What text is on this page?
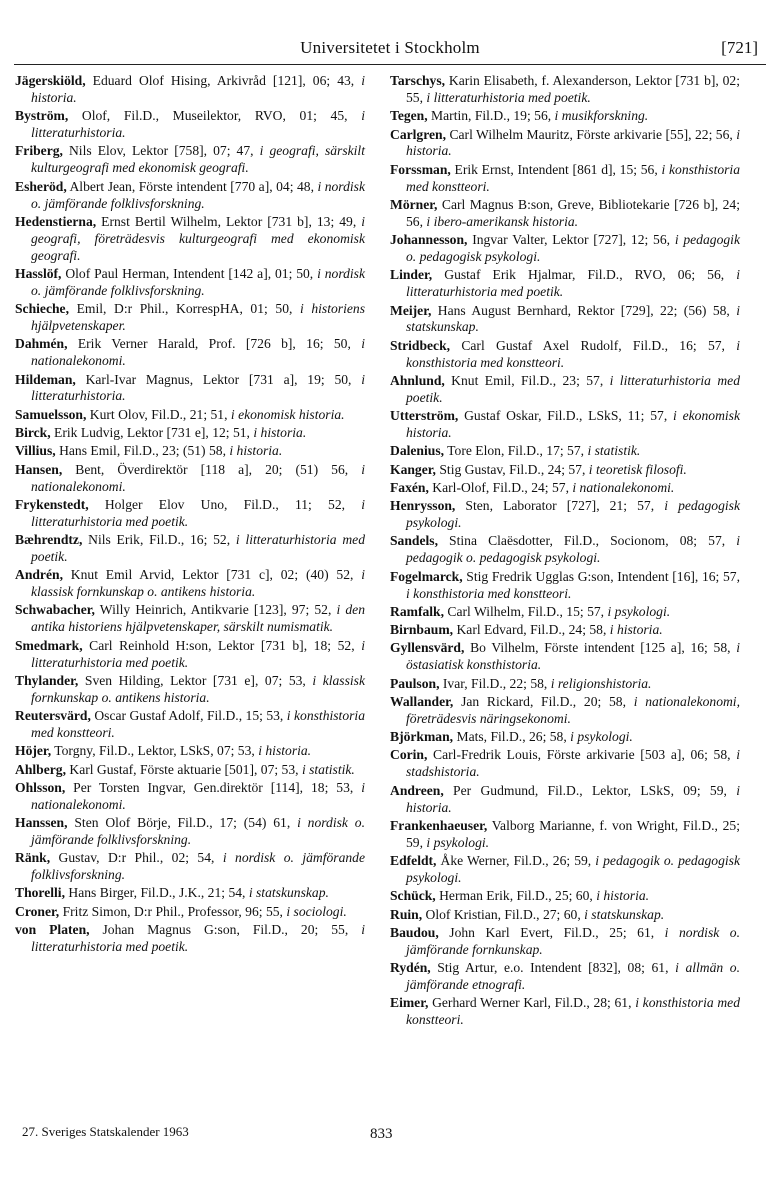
Universitetet i Stockholm	[721]

Jägerskiöld, Eduard Olof Hising, Arkivråd [121], 06; 43, i historia.

Byström, Olof, Fil.D., Museilektor, RVO, 01; 45, i litteraturhistoria.

Friberg, Nils Elov, Lektor [758], 07; 47, i geografi, särskilt kulturgeografi med ekonomisk geografi.

Esheröd, Albert Jean, Förste intendent [770 a], 04; 48, i nordisk o. jämförande folklivsforskning.

Hedenstierna, Ernst Bertil Wilhelm, Lektor [731 b], 13; 49, i geografi, företrädesvis kulturgeografi med ekonomisk geografi.

Hasslöf, Olof Paul Herman, Intendent [142 a], 01; 50, i nordisk o. jämförande folklivsforskning.

Schieche, Emil, D:r Phil., KorrespHA, 01; 50, i historiens hjälpvetenskaper.

Dahmén, Erik Verner Harald, Prof. [726 b], 16; 50, i nationalekonomi.

Hildeman, Karl-Ivar Magnus, Lektor [731 a], 19; 50, i litteraturhistoria.

Samuelsson, Kurt Olov, Fil.D., 21; 51, i ekonomisk historia.

Birck, Erik Ludvig, Lektor [731 e], 12; 51, i historia.

Villius, Hans Emil, Fil.D., 23; (51) 58, i historia.

Hansen, Bent, Överdirektör [118 a], 20; (51) 56, i nationalekonomi.

Frykenstedt, Holger Elov Uno, Fil.D., 11; 52, i litteraturhistoria med poetik.

Bæhrendtz, Nils Erik, Fil.D., 16; 52, i litteraturhistoria med poetik.

Andrén, Knut Emil Arvid, Lektor [731 c], 02; (40) 52, i klassisk fornkunskap o. antikens historia.

Schwabacher, Willy Heinrich, Antikvarie [123], 97; 52, i den antika historiens hjälpvetenskaper, särskilt numismatik.

Smedmark, Carl Reinhold H:son, Lektor [731 b], 18; 52, i litteraturhistoria med poetik.

Thylander, Sven Hilding, Lektor [731 e], 07; 53, i klassisk fornkunskap o. antikens historia.

Reutersvärd, Oscar Gustaf Adolf, Fil.D., 15; 53, i konsthistoria med konstteori.

Höjer, Torgny, Fil.D., Lektor, LSkS, 07; 53, i historia.

Ahlberg, Karl Gustaf, Förste aktuarie [501], 07; 53, i statistik.

Ohlsson, Per Torsten Ingvar, Gen.direktör [114], 18; 53, i nationalekonomi.

Hanssen, Sten Olof Börje, Fil.D., 17; (54) 61, i nordisk o. jämförande folklivsforskning.

Ränk, Gustav, D:r Phil., 02; 54, i nordisk o. jämförande folklivsforskning.

Thorelli, Hans Birger, Fil.D., J.K., 21; 54, i statskunskap.

Croner, Fritz Simon, D:r Phil., Professor, 96; 55, i sociologi.

von Platen, Johan Magnus G:son, Fil.D., 20; 55, i litteraturhistoria med poetik.

Tarschys, Karin Elisabeth, f. Alexanderson, Lektor [731 b], 02; 55, i litteraturhistoria med poetik.

Tegen, Martin, Fil.D., 19; 56, i musikforskning.

Carlgren, Carl Wilhelm Mauritz, Förste arkivarie [55], 22; 56, i historia.

Forssman, Erik Ernst, Intendent [861 d], 15; 56, i konsthistoria med konstteori.

Mörner, Carl Magnus B:son, Greve, Bibliotekarie [726 b], 24; 56, i ibero-amerikansk historia.

Johannesson, Ingvar Valter, Lektor [727], 12; 56, i pedagogik o. pedagogisk psykologi.

Linder, Gustaf Erik Hjalmar, Fil.D., RVO, 06; 56, i litteraturhistoria med poetik.

Meijer, Hans August Bernhard, Rektor [729], 22; (56) 58, i statskunskap.

Stridbeck, Carl Gustaf Axel Rudolf, Fil.D., 16; 57, i konsthistoria med konstteori.

Ahnlund, Knut Emil, Fil.D., 23; 57, i litteraturhistoria med poetik.

Utterström, Gustaf Oskar, Fil.D., LSkS, 11; 57, i ekonomisk historia.

Dalenius, Tore Elon, Fil.D., 17; 57, i statistik.

Kanger, Stig Gustav, Fil.D., 24; 57, i teoretisk filosofi.

Faxén, Karl-Olof, Fil.D., 24; 57, i nationalekonomi.

Henrysson, Sten, Laborator [727], 21; 57, i pedagogisk psykologi.

Sandels, Stina Claësdotter, Fil.D., Socionom, 08; 57, i pedagogik o. pedagogisk psykologi.

Fogelmarck, Stig Fredrik Ugglas G:son, Intendent [16], 16; 57, i konsthistoria med konstteori.

Ramfalk, Carl Wilhelm, Fil.D., 15; 57, i psykologi.

Birnbaum, Karl Edvard, Fil.D., 24; 58, i historia.

Gyllensvärd, Bo Vilhelm, Förste intendent [125 a], 16; 58, i östasiatisk konsthistoria.

Paulson, Ivar, Fil.D., 22; 58, i religionshistoria.

Wallander, Jan Rickard, Fil.D., 20; 58, i nationalekonomi, företrädesvis näringsekonomi.

Björkman, Mats, Fil.D., 26; 58, i psykologi.

Corin, Carl-Fredrik Louis, Förste arkivarie [503 a], 06; 58, i stadshistoria.

Andreen, Per Gudmund, Fil.D., Lektor, LSkS, 09; 59, i historia.

Frankenhaeuser, Valborg Marianne, f. von Wright, Fil.D., 25; 59, i psykologi.

Edfeldt, Åke Werner, Fil.D., 26; 59, i pedagogik o. pedagogisk psykologi.

Schück, Herman Erik, Fil.D., 25; 60, i historia.

Ruin, Olof Kristian, Fil.D., 27; 60, i statskunskap.

Baudou, John Karl Evert, Fil.D., 25; 61, i nordisk o. jämförande fornkunskap.

Rydén, Stig Artur, e.o. Intendent [832], 08; 61, i allmän o. jämförande etnografi.

Eimer, Gerhard Werner Karl, Fil.D., 28; 61, i konsthistoria med konstteori.

27. Sveriges Statskalender 1963	833
